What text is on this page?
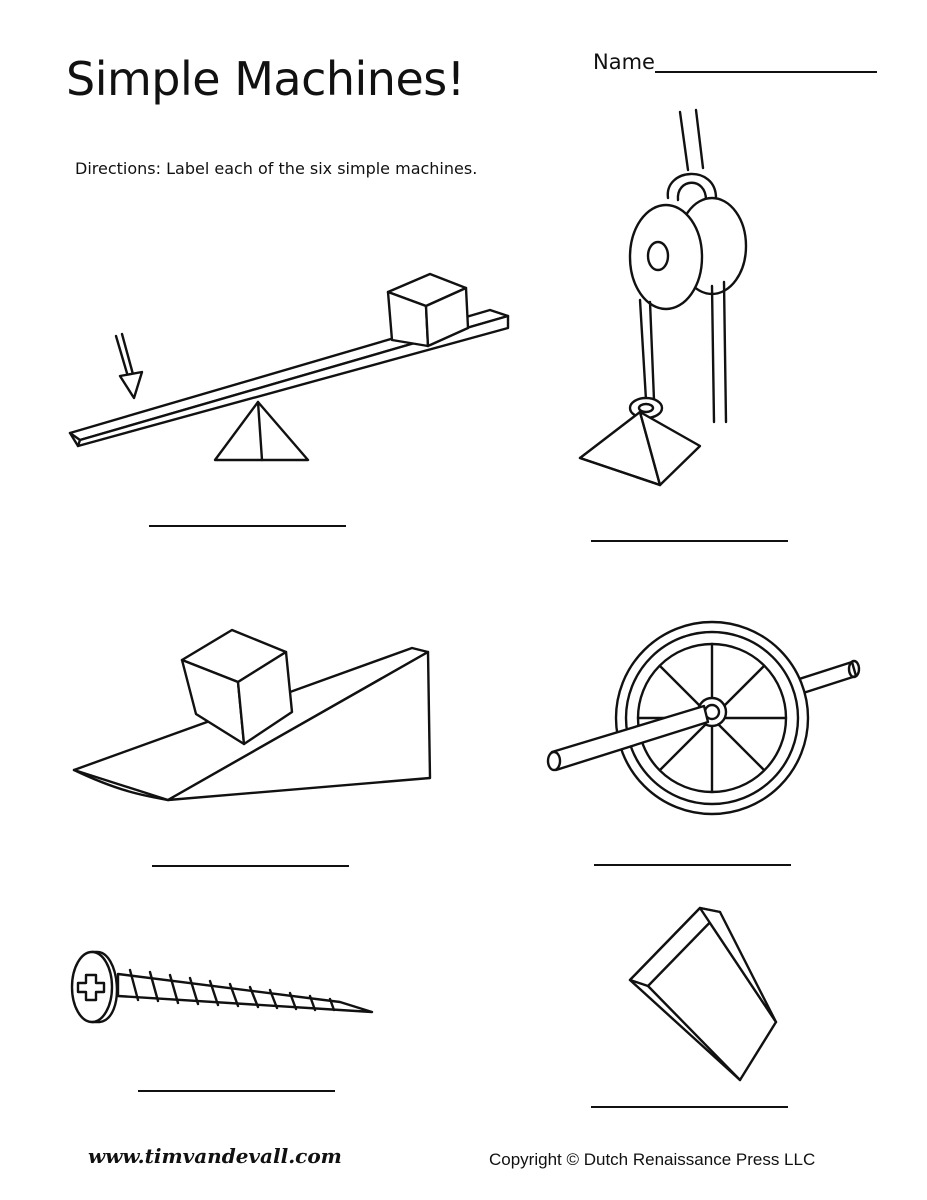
Simple Machines!	Name
Directions: Label each of the six simple machines.
www.timvandevall.com	Copyright © Dutch Renaissance Press LLC
